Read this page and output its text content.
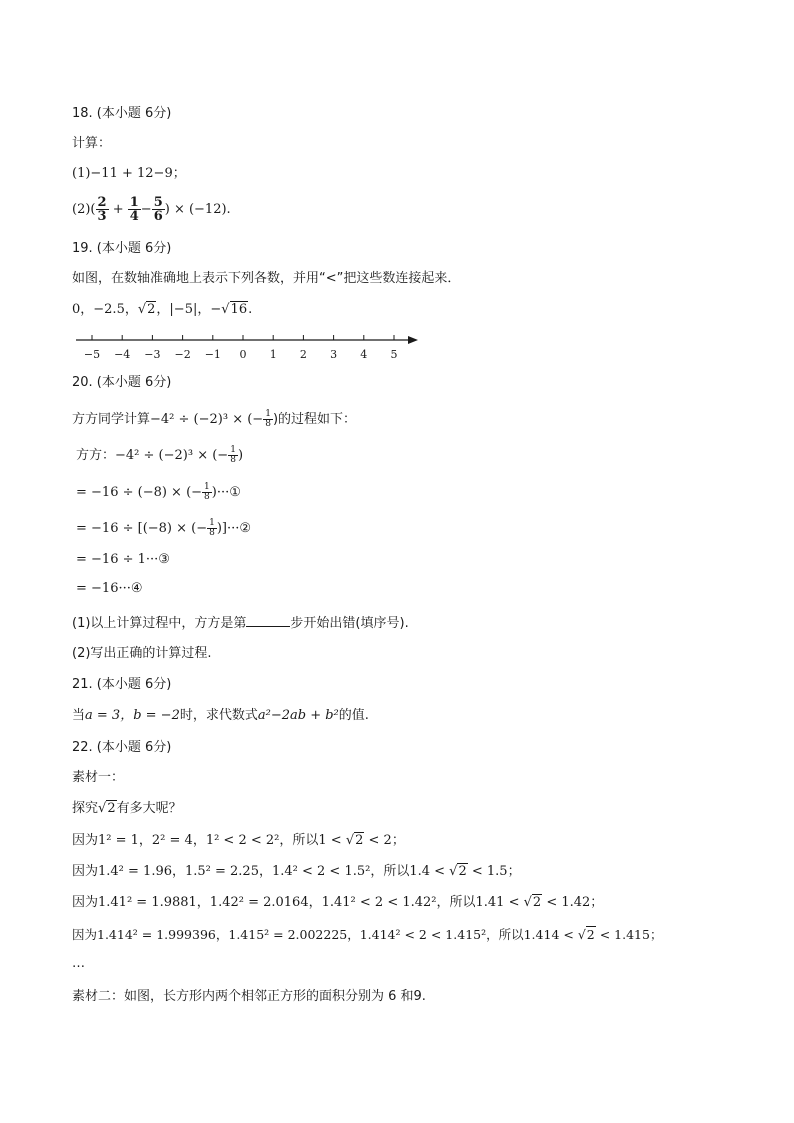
18. (本小题 6分)
计算：
(1)−11 + 12−9；
$(2)( \frac{2}{3} + \frac{1}{4} - \frac{5}{6}$ ) × (−12).
19. (本小题 6分)
如图，在数轴准确地上表示下列各数，并用“<”把这些数连接起来．
0，−2.5，√2，|−5|，−√16.
−5 −4 −3 −2 −1 0 1 2 3 4 5
20. (本小题 6分)
方方同学计算−4² ÷ (−2)³ × (− $\frac{1}{8}$ )的过程如下：
方方：−4² ÷ (−2)³ × (− $\frac{1}{8}$ )
= −16 ÷ (−8) × (− $\frac{1}{8}$ )···①
= −16 ÷ [(−8) × (− $\frac{1}{8}$ )]···②
= −16 ÷ 1···③
= −16···④
(1)以上计算过程中，方方是第	步开始出错(填序号).
(2)写出正确的计算过程.
21. (本小题 6分)
当a = 3，b = −2时，求代数式a²−2ab + b²的值.
22. (本小题 6分)
素材一：
探究√2有多大呢？
因为1² = 1，2² = 4，1² < 2 < 2²，所以1 < √2 < 2；
因为1.4² = 1.96，1.5² = 2.25，1.4² < 2 < 1.5²，所以1.4 < √2 < 1.5；
因为1.41² = 1.9881，1.42² = 2.0164，1.41² < 2 < 1.42²，所以1.41 < √2 < 1.42；
因为1.414² = 1.999396，1.415² = 2.002225，1.414² < 2 < 1.415²，所以1.414 < √2 < 1.415；
…
素材二：如图，长方形内两个相邻正方形的面积分别为 6 和9.
